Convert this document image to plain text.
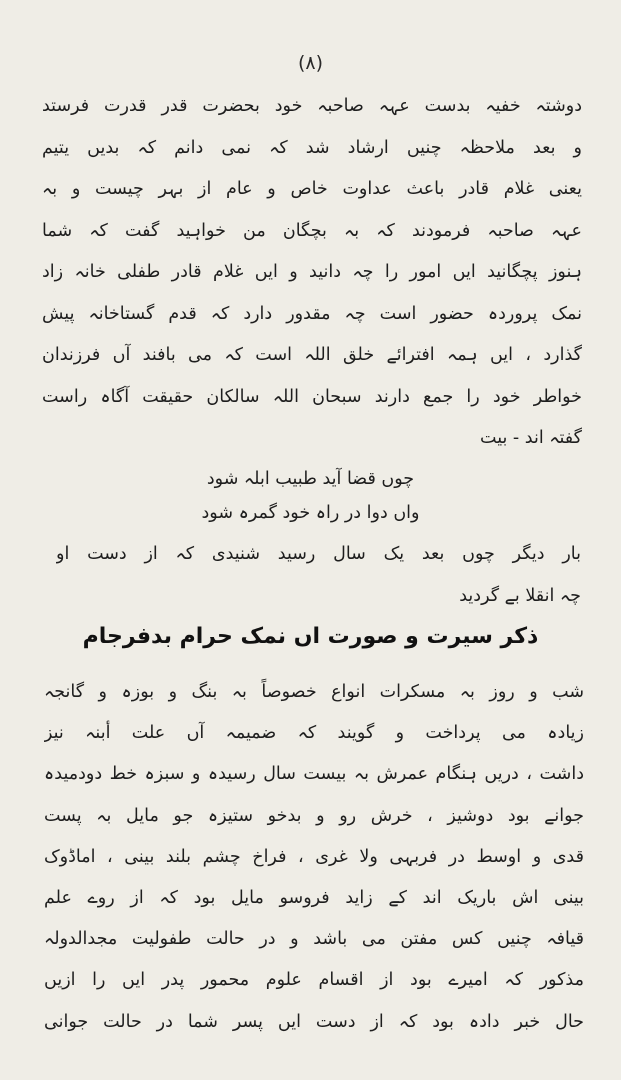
(۸)
دوشتہ خفیہ بدست عہہ صاحبہ خود بحضرت قدر قدرت فرستد
و بعد ملاحظہ چنیں ارشاد شد کہ نمی دانم کہ بدیں یتیم
یعنی غلام قادر باعث عداوت خاص و عام از بہر چیست و بہ
عہہ صاحبہ فرمودند کہ بہ بچگان من خواہید گفت کہ شما
ہنوز پچگانید ایں امور را چہ دانید و ایں غلام قادر طفلی خانہ زاد
نمک پروردہ حضور است چہ مقدور دارد کہ قدم گستاخانہ پیش
گذارد ، ایں ہمہ افترائے خلق اللہ است کہ می بافند آں فرزندان
خواطر خود را جمع دارند سبحان اللہ سالکان حقیقت آگاہ راست
گفتہ اند - بیت
چوں قضا آید طبیب ابلہ شود
واں دوا در راہ خود گمرہ شود
بار دیگر چوں بعد یک سال رسید شنیدی کہ از دست او
چہ انقلا بے گردید
ذکر سیرت و صورت اں نمک حرام بدفرجام
شب و روز بہ مسکرات انواع خصوصاً بہ بنگ و بوزہ و گانجہ
زیادہ می پرداخت و گویند کہ ضمیمہ آں علت أبنہ نیز
داشت ، دریں ہنگام عمرش بہ بیست سال رسیدہ و سبزہ خط دودمیدہ
جوانے بود دوشیز ، خرش رو و بدخو ستیزہ جو مایل بہ پست
قدی و اوسط در فربہی ولا غری ، فراخ چشم بلند بینی ، اماڈوک
بینی اش باریک اند کے زاید فروسو مایل بود کہ از روے علم
قیافہ چنیں کس مفتن می باشد و در حالت طفولیت مجدالدولہ
مذکور کہ امیرے بود از اقسام علوم محمور پدر ایں را ازیں
حال خبر دادہ بود کہ از دست ایں پسر شما در حالت جوانی
